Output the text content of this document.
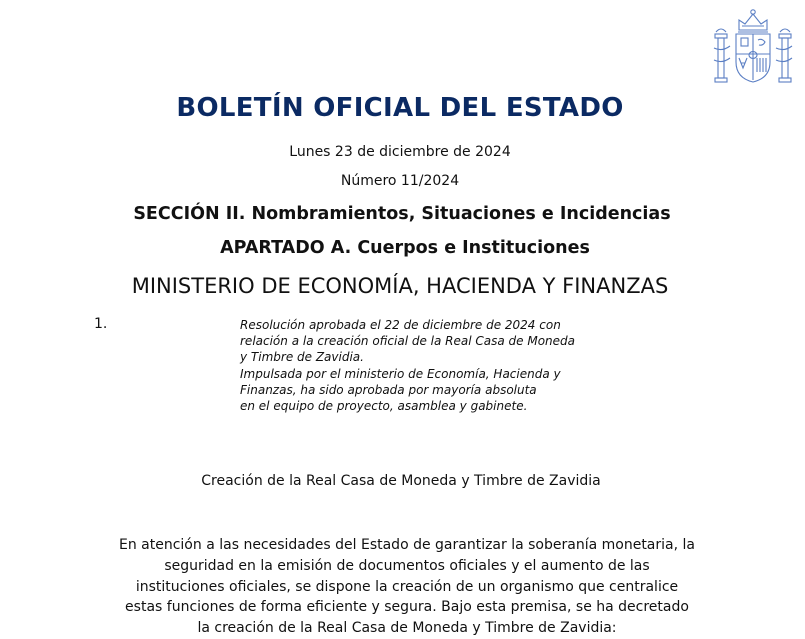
BOLETÍN OFICIAL DEL ESTADO
Lunes 23 de diciembre de 2024
Número 11/2024
SECCIÓN II. Nombramientos, Situaciones e Incidencias
APARTADO A. Cuerpos e Instituciones
MINISTERIO DE ECONOMÍA, HACIENDA Y FINANZAS
1.	Resolución aprobada el 22 de diciembre de 2024 con
relación a la creación oficial de la Real Casa de Moneda
y Timbre de Zavidia.
Impulsada por el ministerio de Economía, Hacienda y
Finanzas, ha sido aprobada por mayoría absoluta
en el equipo de proyecto, asamblea y gabinete.
Creación de la Real Casa de Moneda y Timbre de Zavidia
En atención a las necesidades del Estado de garantizar la soberanía monetaria, la
seguridad en la emisión de documentos oficiales y el aumento de las
instituciones oficiales, se dispone la creación de un organismo que centralice
estas funciones de forma eficiente y segura. Bajo esta premisa, se ha decretado
la creación de la Real Casa de Moneda y Timbre de Zavidia:
